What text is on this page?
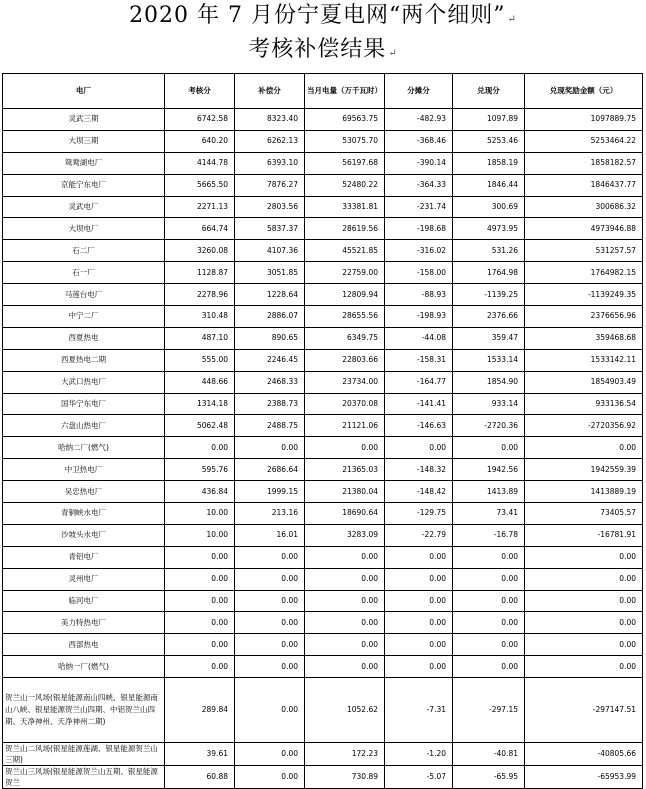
2020 年 7 月份宁夏电网“两个细则” ↵

考核补偿结果 ↵

电厂	考核分	补偿分	当月电量（万千瓦时）	分摊分	兑现分	兑现奖励金额（元）
灵武三期	6742.58	8323.40	69563.75	-482.93	1097.89	1097889.75
大坝三期	640.20	6262.13	53075.70	-368.46	5253.46	5253464.22
鸳鸯湖电厂	4144.78	6393.10	56197.68	-390.14	1858.19	1858182.57
京能宁东电厂	5665.50	7876.27	52480.22	-364.33	1846.44	1846437.77
灵武电厂	2271.13	2803.56	33381.81	-231.74	300.69	300686.32
大坝电厂	664.74	5837.37	28619.56	-198.68	4973.95	4973946.88
石二厂	3260.08	4107.36	45521.85	-316.02	531.26	531257.57
石一厂	1128.87	3051.85	22759.00	-158.00	1764.98	1764982.15
马莲台电厂	2278.96	1228.64	12809.94	-88.93	-1139.25	-1139249.35
中宁二厂	310.48	2886.07	28655.56	-198.93	2376.66	2376656.96
西夏热电	487.10	890.65	6349.75	-44.08	359.47	359468.68
西夏热电二期	555.00	2246.45	22803.66	-158.31	1533.14	1533142.11
大武口热电厂	448.66	2468.33	23734.00	-164.77	1854.90	1854903.49
国华宁东电厂	1314.18	2388.73	20370.08	-141.41	933.14	933136.54
六盘山热电厂	5062.48	2488.75	21121.06	-146.63	-2720.36	-2720356.92
哈纳二厂(燃气)	0.00	0.00	0.00	0.00	0.00	0.00
中卫热电厂	595.76	2686.64	21365.03	-148.32	1942.56	1942559.39
吴忠热电厂	436.84	1999.15	21380.04	-148.42	1413.89	1413889.19
青铜峡水电厂	10.00	213.16	18690.64	-129.75	73.41	73405.57
沙坡头水电厂	10.00	16.01	3283.09	-22.79	-16.78	-16781.91
青铝电厂	0.00	0.00	0.00	0.00	0.00	0.00
灵州电厂	0.00	0.00	0.00	0.00	0.00	0.00
临河电厂	0.00	0.00	0.00	0.00	0.00	0.00
美力特热电厂	0.00	0.00	0.00	0.00	0.00	0.00
西部热电	0.00	0.00	0.00	0.00	0.00	0.00
哈纳一厂(燃气)	0.00	0.00	0.00	0.00	0.00	0.00
贺兰山一风场(银星能源南山四峡、银星能源南山八峡、银星能源贺兰山四期、中铝贺兰山四期、天净神州、天净神州二期)	289.84	0.00	1052.62	-7.31	-297.15	-297147.51
贺兰山二风场(银星能源莲湖、银星能源贺兰山三期)	39.61	0.00	172.23	-1.20	-40.81	-40805.66
贺兰山三风场(银星能源贺兰山五期、银星能源贺兰	60.88	0.00	730.89	-5.07	-65.95	-65953.99
